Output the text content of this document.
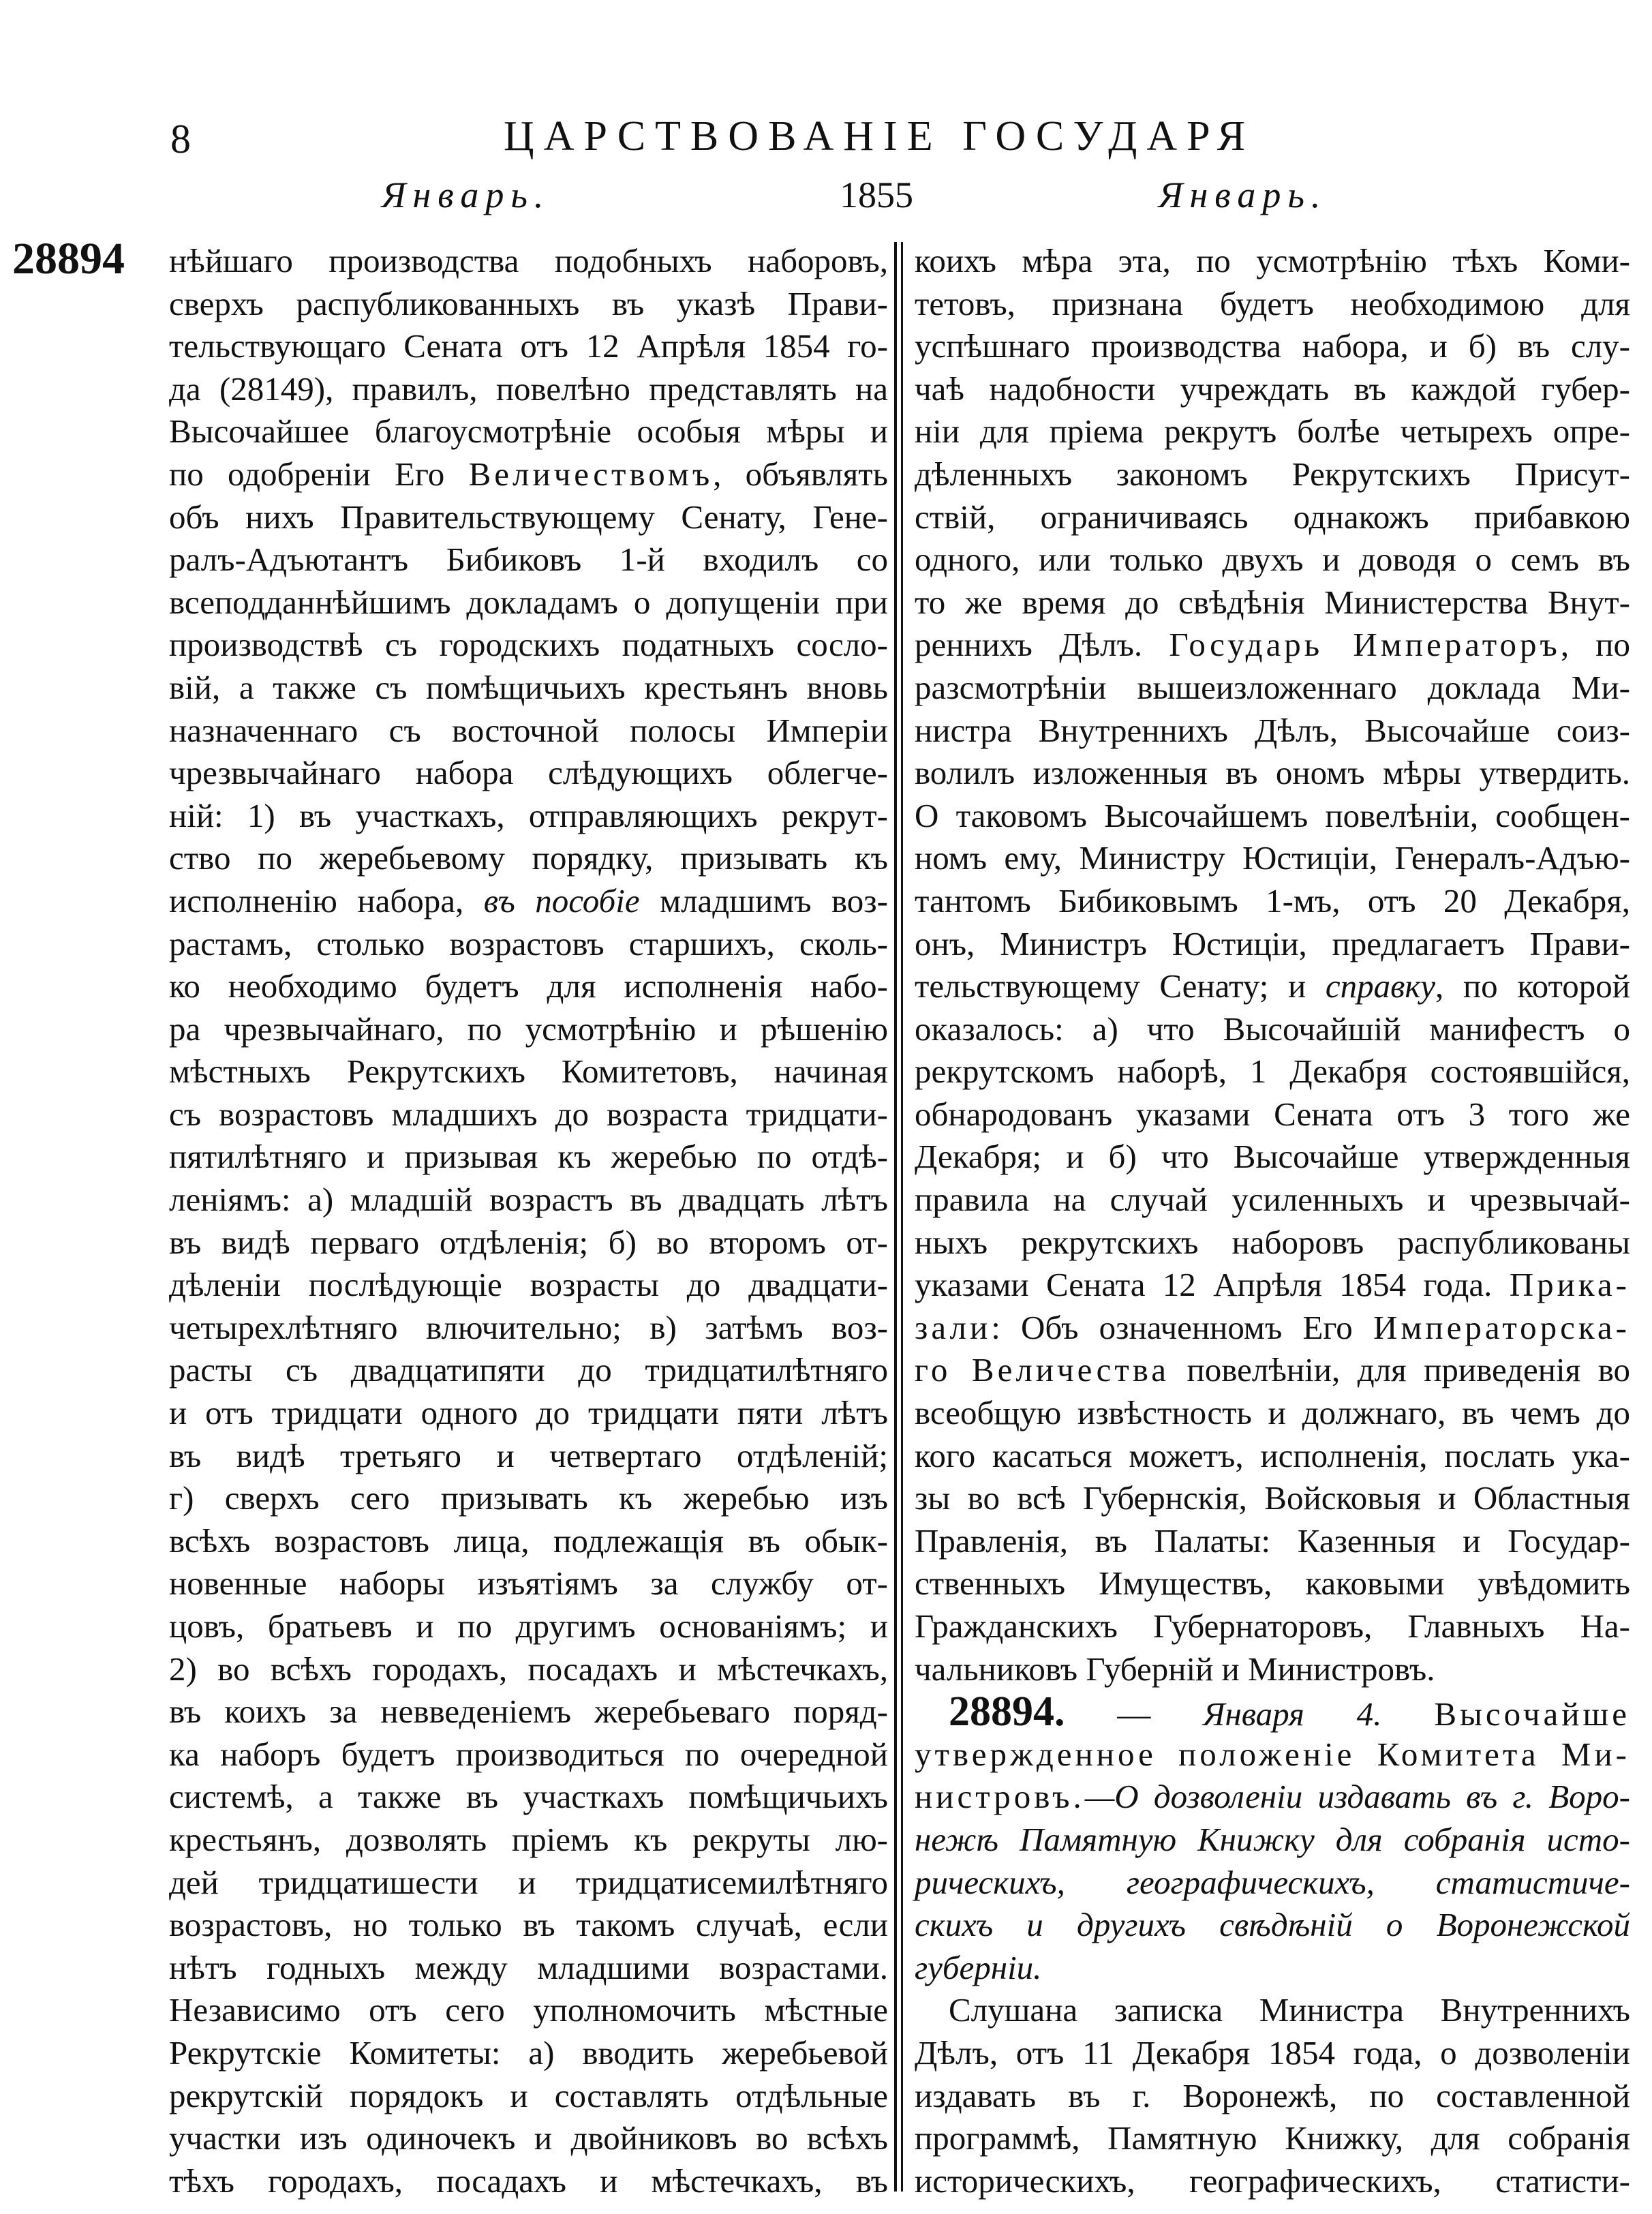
8	ЦАРСТВОВАНІЕ ГОСУДАРЯ
Январь.	1855	Январь.
28894 нѣйшаго производства подобныхъ наборовъ,
сверхъ распубликованныхъ въ указѣ Прави-
тельствующаго Сената отъ 12 Апрѣля 1854 го-
да (28149), правилъ, повелѣно представлять на
Высочайшее благоусмотрѣніе особыя мѣры и
по одобреніи Его Величествомъ, объявлять
объ нихъ Правительствующему Сенату, Гене-
ралъ-Адъютантъ Бибиковъ 1-й входилъ со
всеподданнѣйшимъ докладамъ о допущеніи при
производствѣ съ городскихъ податныхъ сосло-
вій, а также съ помѣщичьихъ крестьянъ вновь
назначеннаго съ восточной полосы Имперіи
чрезвычайнаго набора слѣдующихъ облегче-
ній: 1) въ участкахъ, отправляющихъ рекрут-
ство по жеребьевому порядку, призывать къ
исполненію набора, въ пособіе младшимъ воз-
растамъ, столько возрастовъ старшихъ, сколь-
ко необходимо будетъ для исполненія набо-
ра чрезвычайнаго, по усмотрѣнію и рѣшенію
мѣстныхъ Рекрутскихъ Комитетовъ, начиная
съ возрастовъ младшихъ до возраста тридцати-
пятилѣтняго и призывая къ жеребью по отдѣ-
леніямъ: а) младшій возрастъ въ двадцать лѣтъ
въ видѣ перваго отдѣленія; б) во второмъ от-
дѣленіи послѣдующіе возрасты до двадцати-
четырехлѣтняго влючительно; в) затѣмъ воз-
расты съ двадцатипяти до тридцатилѣтняго
и отъ тридцати одного до тридцати пяти лѣтъ
въ видѣ третьяго и четвертаго отдѣленій;
г) сверхъ сего призывать къ жеребью изъ
всѣхъ возрастовъ лица, подлежащія въ обык-
новенные наборы изъятіямъ за службу от-
цовъ, братьевъ и по другимъ основаніямъ; и
2) во всѣхъ городахъ, посадахъ и мѣстечкахъ,
въ коихъ за невведеніемъ жеребьеваго поряд-
ка наборъ будетъ производиться по очередной
системѣ, а также въ участкахъ помѣщичьихъ
крестьянъ, дозволять пріемъ къ рекруты лю-
дей тридцатишести и тридцатисемилѣтняго
возрастовъ, но только въ такомъ случаѣ, если
нѣтъ годныхъ между младшими возрастами.
Независимо отъ сего уполномочить мѣстные
Рекрутскіе Комитеты: а) вводить жеребьевой
рекрутскій порядокъ и составлять отдѣльные
участки изъ одиночекъ и двойниковъ во всѣхъ
тѣхъ городахъ, посадахъ и мѣстечкахъ, въ
коихъ мѣра эта, по усмотрѣнію тѣхъ Коми-
тетовъ, признана будетъ необходимою для
успѣшнаго производства набора, и б) въ слу-
чаѣ надобности учреждать въ каждой губер-
ніи для пріема рекрутъ болѣе четырехъ опре-
дѣленныхъ закономъ Рекрутскихъ Присут-
ствій, ограничиваясь однакожъ прибавкою
одного, или только двухъ и доводя о семъ въ
то же время до свѣдѣнія Министерства Внут-
реннихъ Дѣлъ. Государь Императоръ, по
разсмотрѣніи вышеизложеннаго доклада Ми-
нистра Внутреннихъ Дѣлъ, Высочайше соиз-
волилъ изложенныя въ ономъ мѣры утвердить.
О таковомъ Высочайшемъ повелѣніи, сообщен-
номъ ему, Министру Юстиціи, Генералъ-Адъю-
тантомъ Бибиковымъ 1-мъ, отъ 20 Декабря,
онъ, Министръ Юстиціи, предлагаетъ Прави-
тельствующему Сенату; и справку, по которой
оказалось: а) что Высочайшій манифестъ о
рекрутскомъ наборѣ, 1 Декабря состоявшійся,
обнародованъ указами Сената отъ 3 того же
Декабря; и б) что Высочайше утвержденныя
правила на случай усиленныхъ и чрезвычай-
ныхъ рекрутскихъ наборовъ распубликованы
указами Сената 12 Апрѣля 1854 года. Прика-
зали: Объ означенномъ Его Императорска-
го Величества повелѣніи, для приведенія во
всеобщую извѣстность и должнаго, въ чемъ до
кого касаться можетъ, исполненія, послать ука-
зы во всѣ Губернскія, Войсковыя и Областныя
Правленія, въ Палаты: Казенныя и Государ-
ственныхъ Имуществъ, каковыми увѣдомить
Гражданскихъ Губернаторовъ, Главныхъ На-
чальниковъ Губерній и Министровъ.
28894. — Января 4. Высочайше
утвержденное положеніе Комитета Ми-
нистровъ.—О дозволеніи издавать въ г. Воро-
нежѣ Памятную Книжку для собранія исто-
рическихъ, географическихъ, статистиче-
скихъ и другихъ свѣдѣній о Воронежской
губерніи.
Слушана записка Министра Внутреннихъ
Дѣлъ, отъ 11 Декабря 1854 года, о дозволеніи
издавать въ г. Воронежѣ, по составленной
программѣ, Памятную Книжку, для собранія
историческихъ, географическихъ, статисти-
